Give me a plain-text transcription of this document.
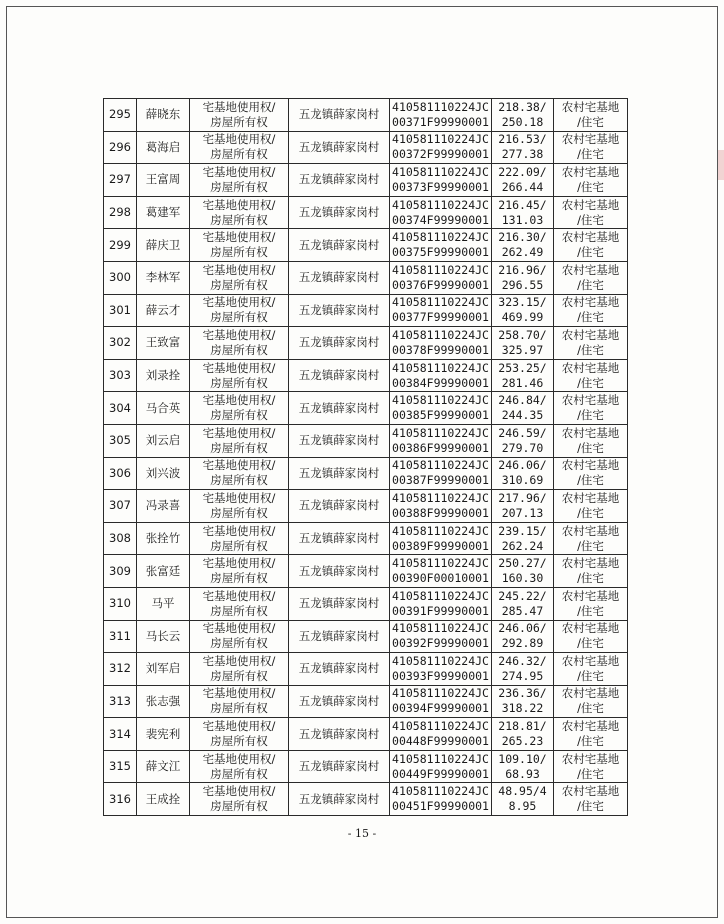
295	薛晓东	宅基地使用权/
房屋所有权	五龙镇薛家岗村	410581110224JC
00371F99990001	218.38/
250.18	农村宅基地
/住宅
296	葛海启	宅基地使用权/
房屋所有权	五龙镇薛家岗村	410581110224JC
00372F99990001	216.53/
277.38	农村宅基地
/住宅
297	王富周	宅基地使用权/
房屋所有权	五龙镇薛家岗村	410581110224JC
00373F99990001	222.09/
266.44	农村宅基地
/住宅
298	葛建军	宅基地使用权/
房屋所有权	五龙镇薛家岗村	410581110224JC
00374F99990001	216.45/
131.03	农村宅基地
/住宅
299	薛庆卫	宅基地使用权/
房屋所有权	五龙镇薛家岗村	410581110224JC
00375F99990001	216.30/
262.49	农村宅基地
/住宅
300	李林军	宅基地使用权/
房屋所有权	五龙镇薛家岗村	410581110224JC
00376F99990001	216.96/
296.55	农村宅基地
/住宅
301	薛云才	宅基地使用权/
房屋所有权	五龙镇薛家岗村	410581110224JC
00377F99990001	323.15/
469.99	农村宅基地
/住宅
302	王致富	宅基地使用权/
房屋所有权	五龙镇薛家岗村	410581110224JC
00378F99990001	258.70/
325.97	农村宅基地
/住宅
303	刘录拴	宅基地使用权/
房屋所有权	五龙镇薛家岗村	410581110224JC
00384F99990001	253.25/
281.46	农村宅基地
/住宅
304	马合英	宅基地使用权/
房屋所有权	五龙镇薛家岗村	410581110224JC
00385F99990001	246.84/
244.35	农村宅基地
/住宅
305	刘云启	宅基地使用权/
房屋所有权	五龙镇薛家岗村	410581110224JC
00386F99990001	246.59/
279.70	农村宅基地
/住宅
306	刘兴波	宅基地使用权/
房屋所有权	五龙镇薛家岗村	410581110224JC
00387F99990001	246.06/
310.69	农村宅基地
/住宅
307	冯录喜	宅基地使用权/
房屋所有权	五龙镇薛家岗村	410581110224JC
00388F99990001	217.96/
207.13	农村宅基地
/住宅
308	张拴竹	宅基地使用权/
房屋所有权	五龙镇薛家岗村	410581110224JC
00389F99990001	239.15/
262.24	农村宅基地
/住宅
309	张富廷	宅基地使用权/
房屋所有权	五龙镇薛家岗村	410581110224JC
00390F00010001	250.27/
160.30	农村宅基地
/住宅
310	马平	宅基地使用权/
房屋所有权	五龙镇薛家岗村	410581110224JC
00391F99990001	245.22/
285.47	农村宅基地
/住宅
311	马长云	宅基地使用权/
房屋所有权	五龙镇薛家岗村	410581110224JC
00392F99990001	246.06/
292.89	农村宅基地
/住宅
312	刘军启	宅基地使用权/
房屋所有权	五龙镇薛家岗村	410581110224JC
00393F99990001	246.32/
274.95	农村宅基地
/住宅
313	张志强	宅基地使用权/
房屋所有权	五龙镇薛家岗村	410581110224JC
00394F99990001	236.36/
318.22	农村宅基地
/住宅
314	裴宪利	宅基地使用权/
房屋所有权	五龙镇薛家岗村	410581110224JC
00448F99990001	218.81/
265.23	农村宅基地
/住宅
315	薛文江	宅基地使用权/
房屋所有权	五龙镇薛家岗村	410581110224JC
00449F99990001	109.10/
68.93	农村宅基地
/住宅
316	王成拴	宅基地使用权/
房屋所有权	五龙镇薛家岗村	410581110224JC
00451F99990001	48.95/4
8.95	农村宅基地
/住宅
- 15 -
